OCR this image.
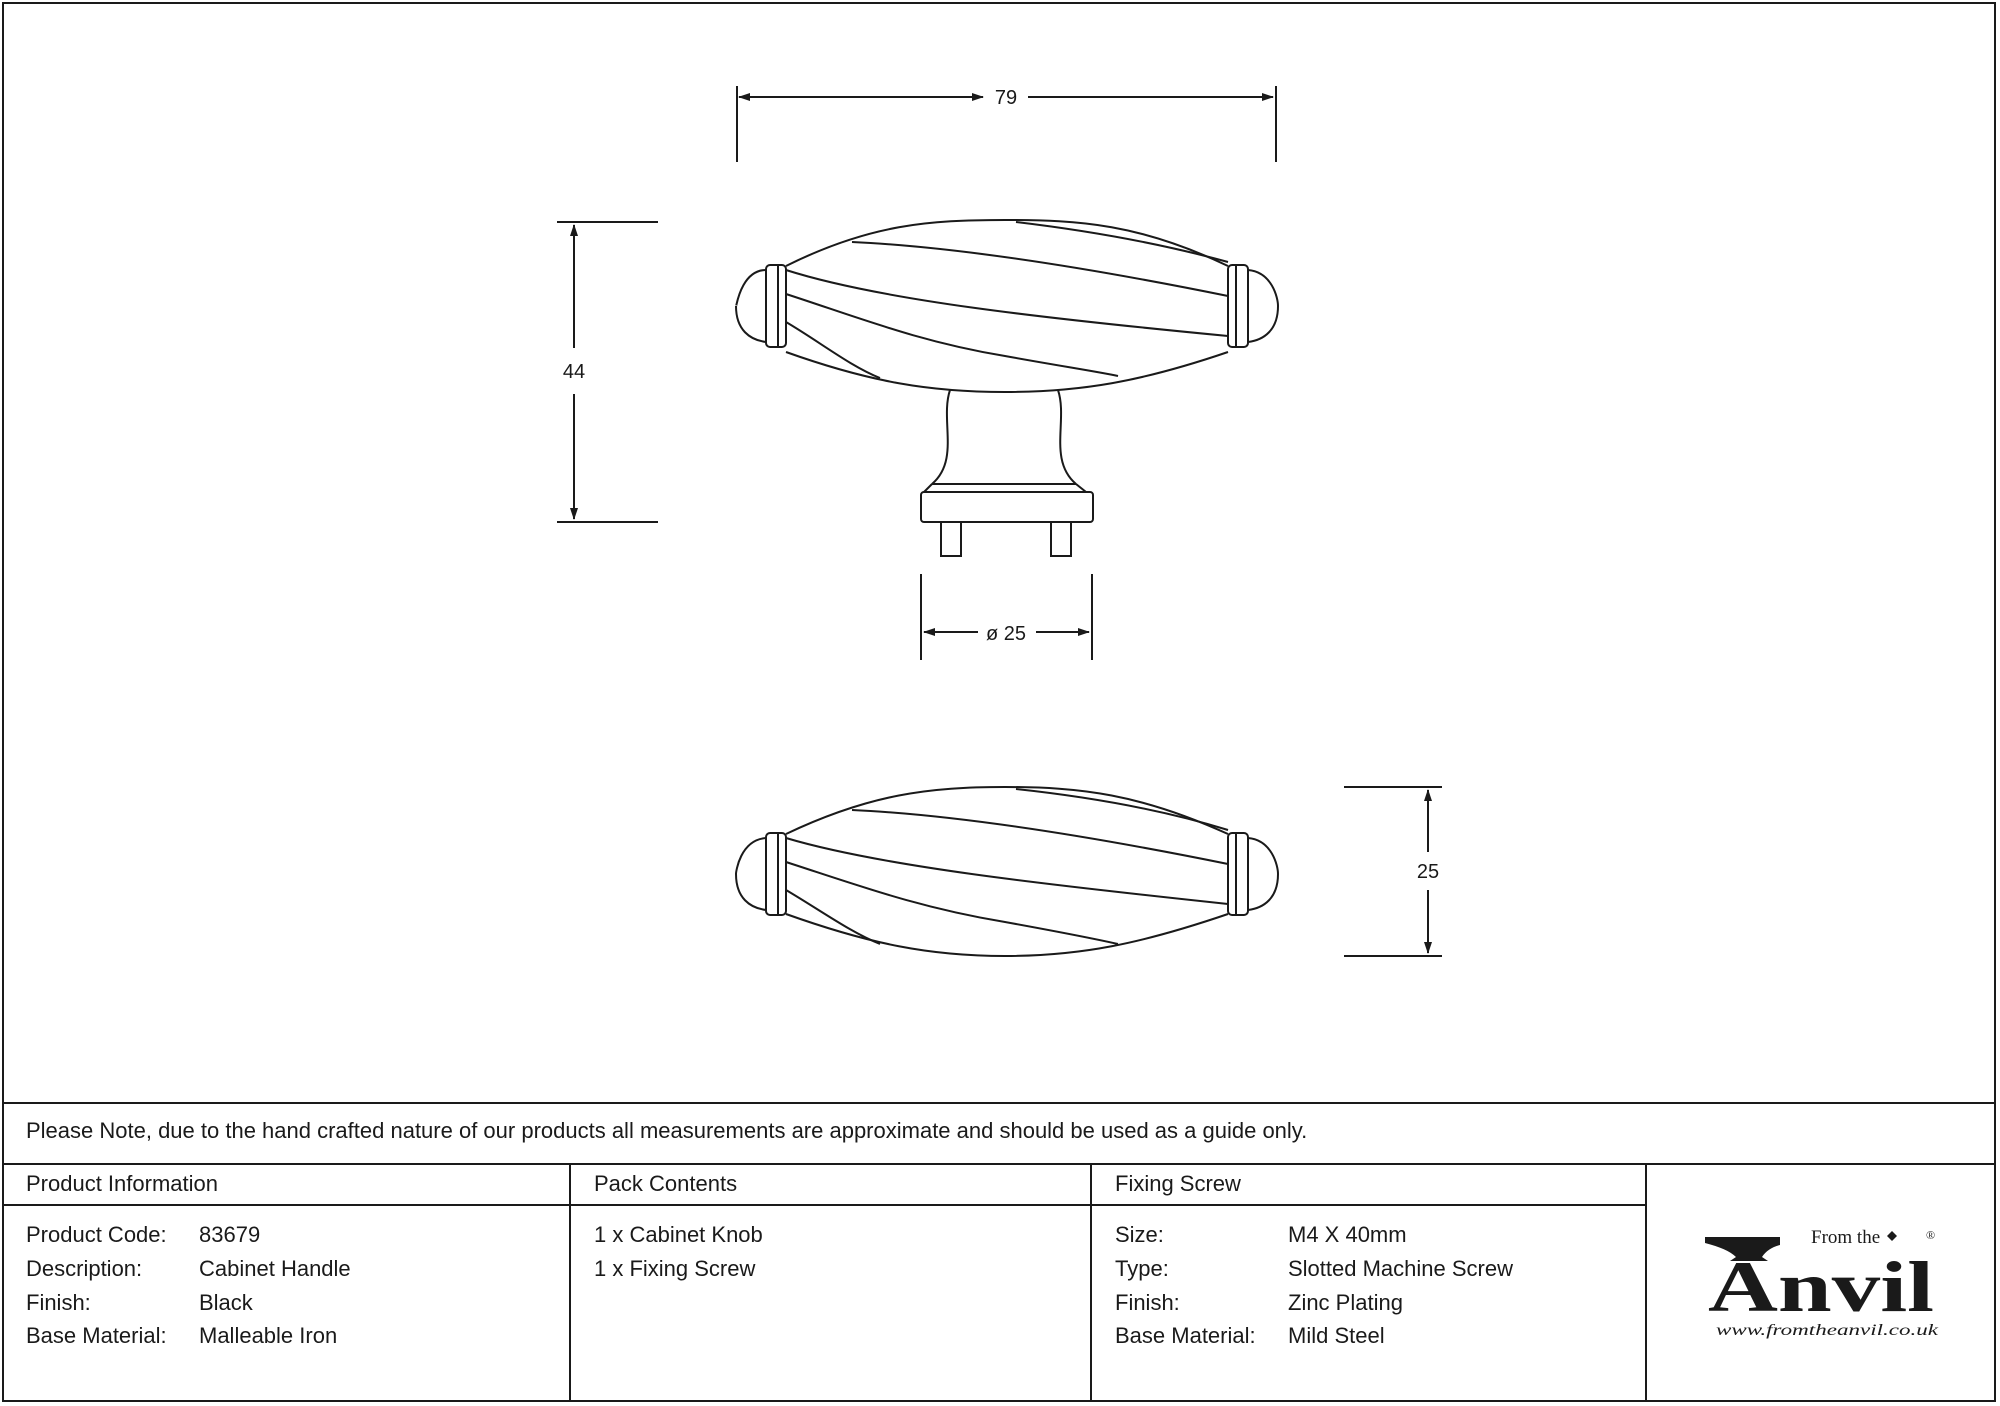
79
44
ø 25
25
Please Note, due to the hand crafted nature of our products all measurements are approximate and should be used as a guide only.
Product Information
Product Code: 83679
Description:	Cabinet Handle
Finish:	Black
Base Material: Malleable Iron
Pack Contents
1 x Cabinet Knob
1 x Fixing Screw
Fixing Screw
Size:	M4 X 40mm
Type:	Slotted Machine Screw
Finish:	Zinc Plating
Base Material: Mild Steel
From the	®
Anvil
www.fromtheanvil.co.uk
